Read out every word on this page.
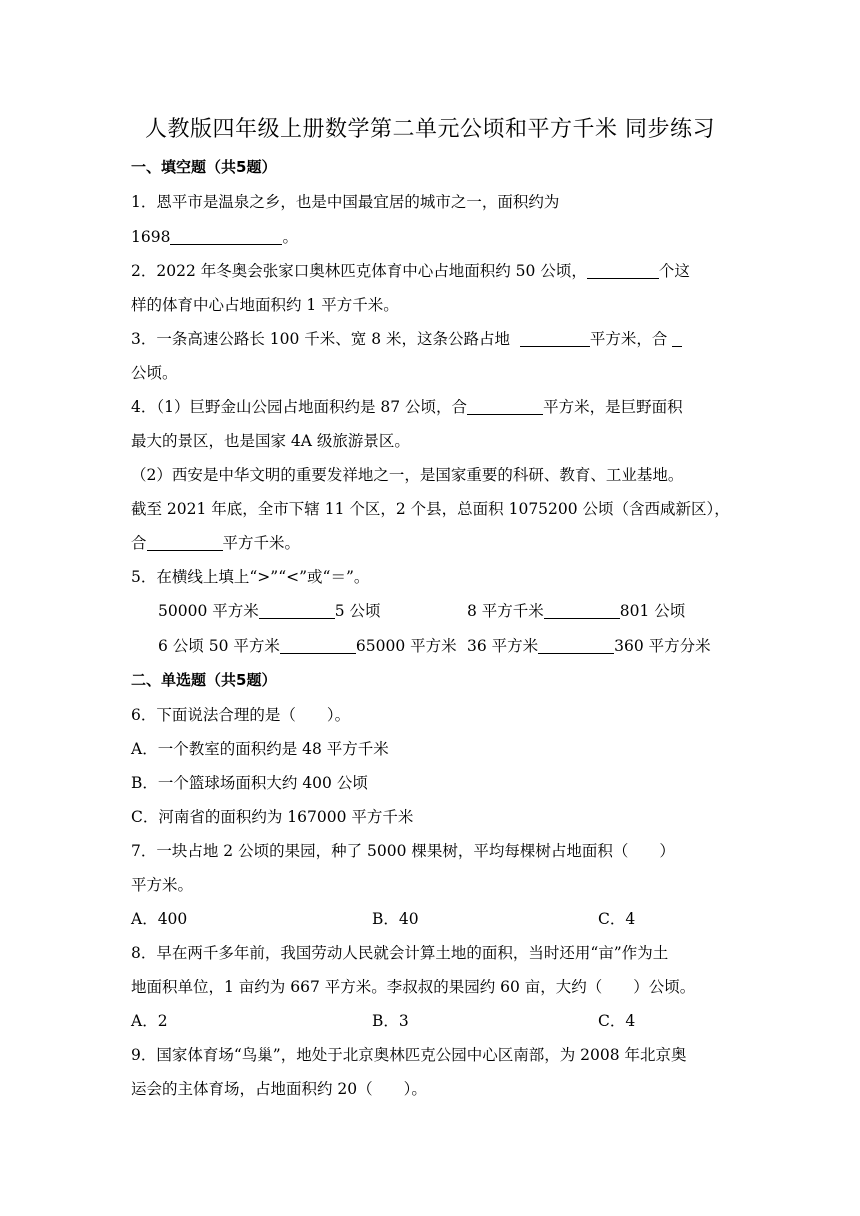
人教版四年级上册数学第二单元公顷和平方千米 同步练习
一、填空题（共5题）
1．恩平市是温泉之乡，也是中国最宜居的城市之一，面积约为
1698	。
2．2022 年冬奥会张家口奥林匹克体育中心占地面积约 50 公顷，	个这
样的体育中心占地面积约 1 平方千米。
3．一条高速公路长 100 千米、宽 8 米，这条公路占地	平方米，合
公顷。
4．（1）巨野金山公园占地面积约是 87 公顷，合	平方米，是巨野面积
最大的景区，也是国家 4A 级旅游景区。
（2）西安是中华文明的重要发祥地之一，是国家重要的科研、教育、工业基地。
截至 2021 年底，全市下辖 11 个区，2 个县，总面积 1075200 公顷（含西咸新区），
合	平方千米。
5．在横线上填上“>”“<”或“＝”。
50000 平方米	5 公顷	8 平方千米	801 公顷
6 公顷 50 平方米	65000 平方米 36 平方米	360 平方分米
二、单选题（共5题）
6．下面说法合理的是（　　）。
A．一个教室的面积约是 48 平方千米
B．一个篮球场面积大约 400 公顷
C．河南省的面积约为 167000 平方千米
7．一块占地 2 公顷的果园，种了 5000 棵果树，平均每棵树占地面积（　　）
平方米。
A．400	B．40	C．4
8．早在两千多年前，我国劳动人民就会计算土地的面积，当时还用“亩”作为土
地面积单位，1 亩约为 667 平方米。李叔叔的果园约 60 亩，大约（　　）公顷。
A．2	B．3	C．4
9．国家体育场“鸟巢”，地处于北京奥林匹克公园中心区南部，为 2008 年北京奥
运会的主体育场，占地面积约 20（　　）。
